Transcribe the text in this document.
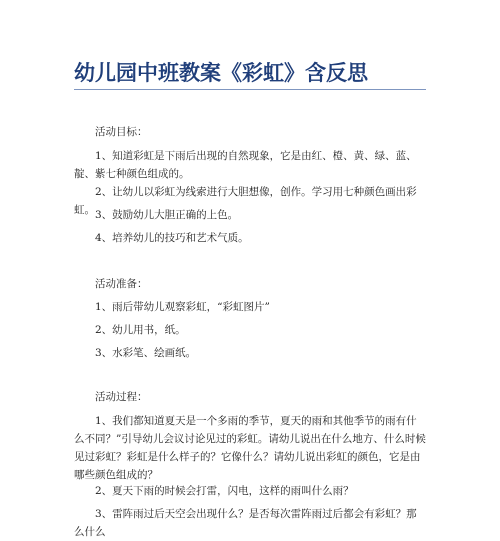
幼儿园中班教案《彩虹》含反思

活动目标：

1、知道彩虹是下雨后出现的自然现象，它是由红、橙、黄、绿、蓝、靛、紫七种颜色组成的。

2、让幼儿以彩虹为线索进行大胆想像，创作。学习用七种颜色画出彩虹。 3、鼓励幼儿大胆正确的上色。

4、培养幼儿的技巧和艺术气质。

活动准备：

1、雨后带幼儿观察彩虹，“彩虹图片”

2、幼儿用书，纸。

3、水彩笔、绘画纸。

活动过程：

1、我们都知道夏天是一个多雨的季节，夏天的雨和其他季节的雨有什么不同？”引导幼儿会议讨论见过的彩虹。请幼儿说出在什么地方、什么时候见过彩虹？彩虹是什么样子的？它像什么？请幼儿说出彩虹的颜色，它是由哪些颜色组成的？

2、夏天下雨的时候会打雷，闪电，这样的雨叫什么雨？

3、雷阵雨过后天空会出现什么？是否每次雷阵雨过后都会有彩虹？那么什么
